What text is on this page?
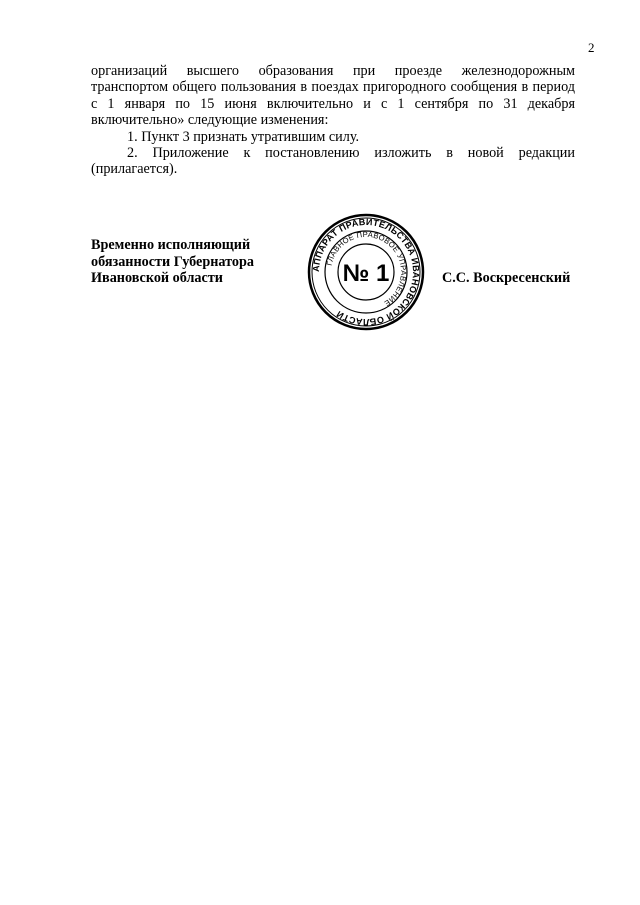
2

организаций высшего образования при проезде железнодорожным транспортом общего пользования в поездах пригородного сообщения в период с 1 января по 15 июня включительно и с 1 сентября по 31 декабря включительно» следующие изменения:

1. Пункт 3 признать утратившим силу.

2. Приложение к постановлению изложить в новой редакции (прилагается).

Временно исполняющий
обязанности Губернатора
Ивановской области
АППАРАТ ПРАВИТЕЛЬСТВА ИВАНОВСКОЙ ОБЛАСТИ
ГЛАВНОЕ ПРАВОВОЕ УПРАВЛЕНИЕ
№ 1	С.С. Воскресенский
